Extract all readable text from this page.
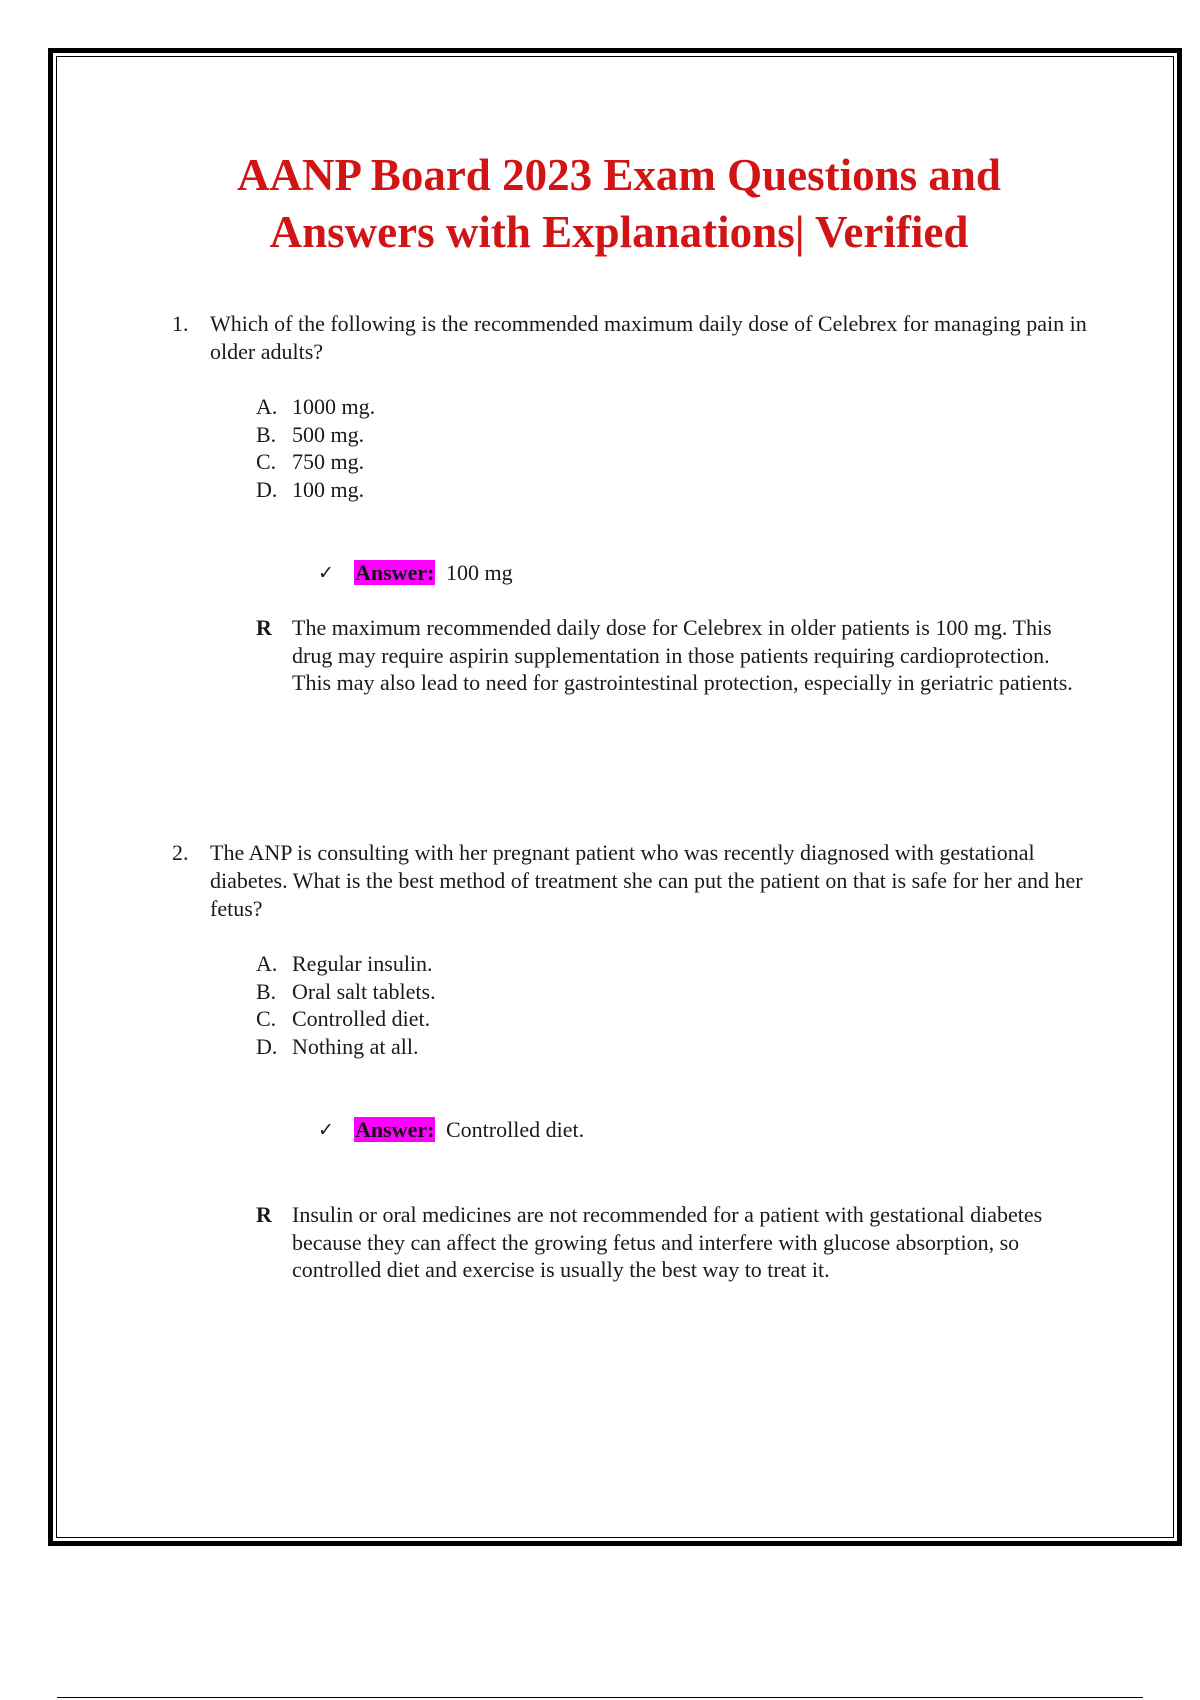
AANP Board 2023 Exam Questions and
Answers with Explanations| Verified
1. Which of the following is the recommended maximum daily dose of Celebrex for managing pain in older adults?
A. 1000 mg.
B. 500 mg.
C. 750 mg.
D. 100 mg.
✓ Answer: 100 mg
R The maximum recommended daily dose for Celebrex in older patients is 100 mg. This drug may require aspirin supplementation in those patients requiring cardioprotection. This may also lead to need for gastrointestinal protection, especially in geriatric patients.
2. The ANP is consulting with her pregnant patient who was recently diagnosed with gestational diabetes. What is the best method of treatment she can put the patient on that is safe for her and her fetus?
A. Regular insulin.
B. Oral salt tablets.
C. Controlled diet.
D. Nothing at all.
✓ Answer: Controlled diet.
R Insulin or oral medicines are not recommended for a patient with gestational diabetes because they can affect the growing fetus and interfere with glucose absorption, so controlled diet and exercise is usually the best way to treat it.
